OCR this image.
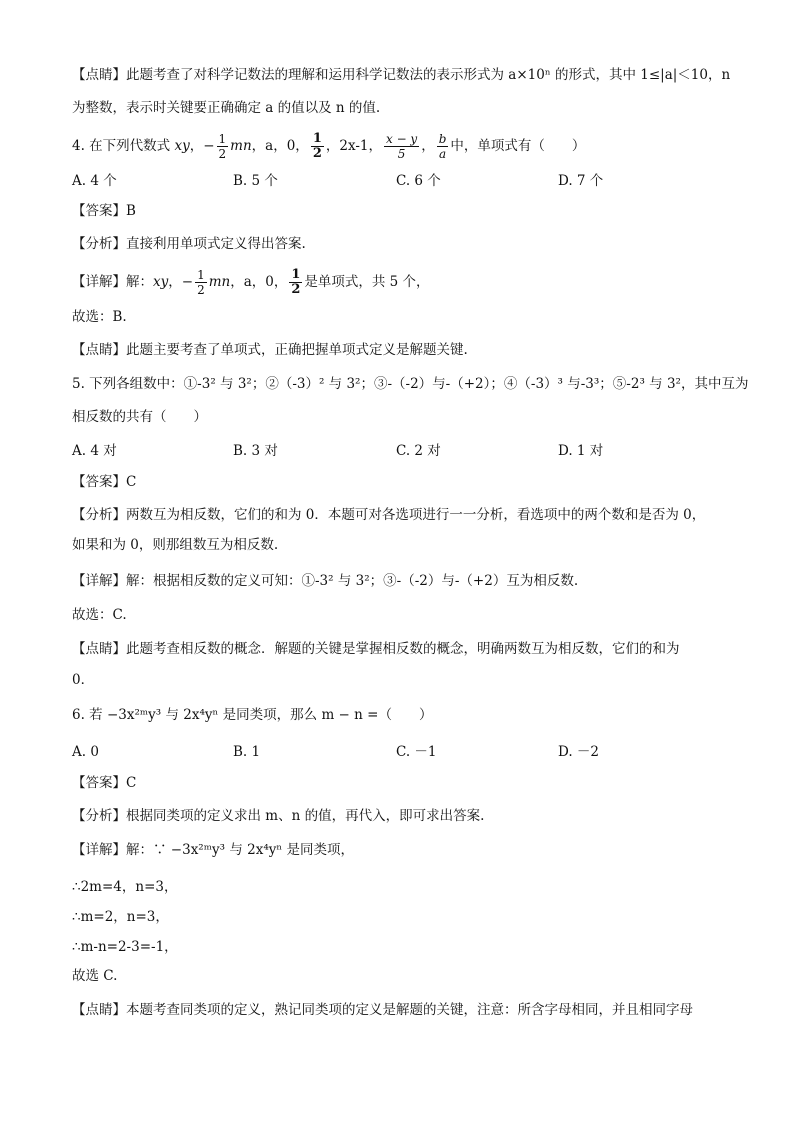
【点睛】此题考查了对科学记数法的理解和运用科学记数法的表示形式为 a×10ⁿ 的形式，其中 1≤|a|＜10，n
为整数，表示时关键要正确确定 a 的值以及 n 的值.
4. 在下列代数式 xy，− $\frac{1}{2}$ mn，a，0， $\frac{1}{2}$ ，2x-1， $\frac{x - y}{5}$ ， $\frac{b}{a}$ 中，单项式有（　　）
A. 4 个	B. 5 个	C. 6 个	D. 7 个
【答案】B
【分析】直接利用单项式定义得出答案.
【详解】解：xy，− $\frac{1}{2}$ mn，a，0， $\frac{1}{2}$ 是单项式，共 5 个，
故选：B.
【点睛】此题主要考查了单项式，正确把握单项式定义是解题关键.
5. 下列各组数中：①-3² 与 3²；②（-3）² 与 3²；③-（-2）与-（+2）；④（-3）³ 与-3³；⑤-2³ 与 3²，其中互为
相反数的共有（　　）
A. 4 对	B. 3 对	C. 2 对	D. 1 对
【答案】C
【分析】两数互为相反数，它们的和为 0．本题可对各选项进行一一分析，看选项中的两个数和是否为 0，
如果和为 0，则那组数互为相反数.
【详解】解：根据相反数的定义可知：①-3² 与 3²；③-（-2）与-（+2）互为相反数.
故选：C.
【点睛】此题考查相反数的概念．解题的关键是掌握相反数的概念，明确两数互为相反数，它们的和为
0．
6. 若 −3x²ᵐy³ 与 2x⁴yⁿ 是同类项，那么 m − n =（　　）
A. 0	B. 1	C. －1	D. －2
【答案】C
【分析】根据同类项的定义求出 m、n 的值，再代入，即可求出答案.
【详解】解：∵ −3x²ᵐy³ 与 2x⁴yⁿ 是同类项，
∴2m=4，n=3，
∴m=2，n=3，
∴m-n=2-3=-1，
故选 C.
【点睛】本题考查同类项的定义，熟记同类项的定义是解题的关键，注意：所含字母相同，并且相同字母
